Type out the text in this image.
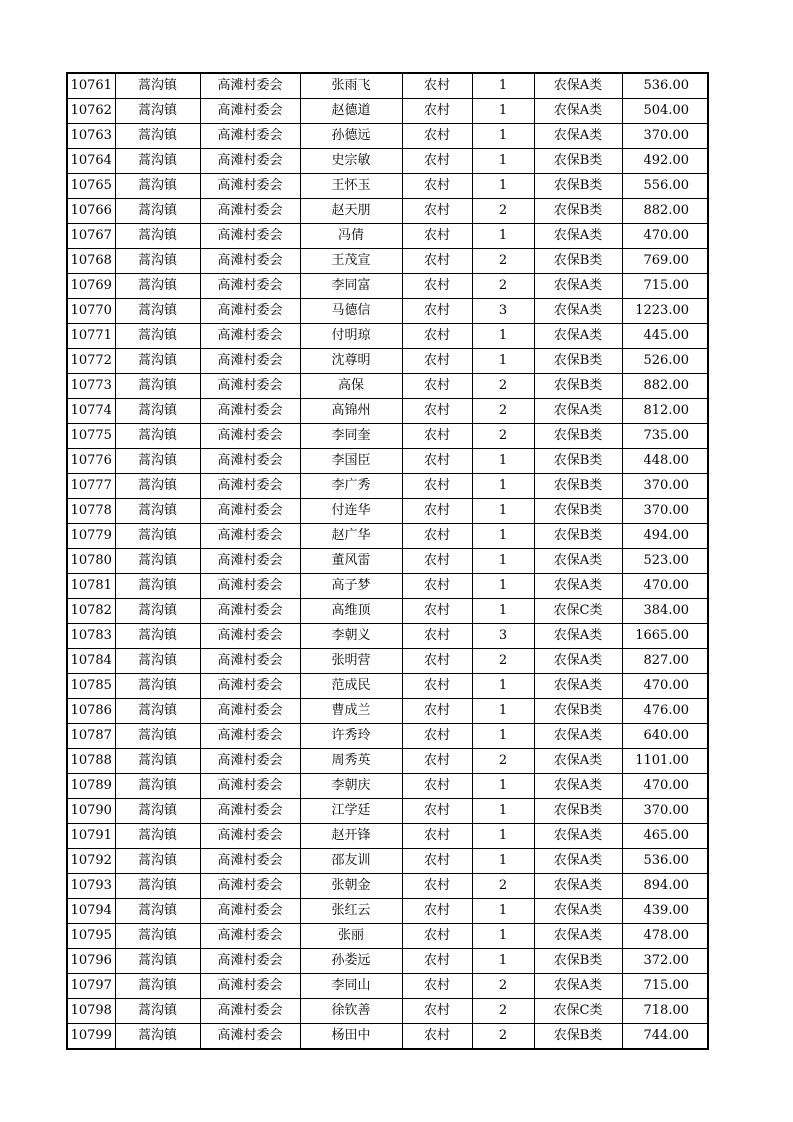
10761	蒿沟镇	高滩村委会	张雨飞	农村	1	农保A类	536.00
10762	蒿沟镇	高滩村委会	赵德道	农村	1	农保A类	504.00
10763	蒿沟镇	高滩村委会	孙德远	农村	1	农保A类	370.00
10764	蒿沟镇	高滩村委会	史宗敏	农村	1	农保B类	492.00
10765	蒿沟镇	高滩村委会	王怀玉	农村	1	农保B类	556.00
10766	蒿沟镇	高滩村委会	赵天朋	农村	2	农保B类	882.00
10767	蒿沟镇	高滩村委会	冯倩	农村	1	农保A类	470.00
10768	蒿沟镇	高滩村委会	王茂宣	农村	2	农保B类	769.00
10769	蒿沟镇	高滩村委会	李同富	农村	2	农保A类	715.00
10770	蒿沟镇	高滩村委会	马德信	农村	3	农保A类	1223.00
10771	蒿沟镇	高滩村委会	付明琼	农村	1	农保A类	445.00
10772	蒿沟镇	高滩村委会	沈尊明	农村	1	农保B类	526.00
10773	蒿沟镇	高滩村委会	高保	农村	2	农保B类	882.00
10774	蒿沟镇	高滩村委会	高锦州	农村	2	农保A类	812.00
10775	蒿沟镇	高滩村委会	李同奎	农村	2	农保B类	735.00
10776	蒿沟镇	高滩村委会	李国臣	农村	1	农保B类	448.00
10777	蒿沟镇	高滩村委会	李广秀	农村	1	农保B类	370.00
10778	蒿沟镇	高滩村委会	付连华	农村	1	农保B类	370.00
10779	蒿沟镇	高滩村委会	赵广华	农村	1	农保B类	494.00
10780	蒿沟镇	高滩村委会	董风雷	农村	1	农保A类	523.00
10781	蒿沟镇	高滩村委会	高子梦	农村	1	农保A类	470.00
10782	蒿沟镇	高滩村委会	高维顶	农村	1	农保C类	384.00
10783	蒿沟镇	高滩村委会	李朝义	农村	3	农保A类	1665.00
10784	蒿沟镇	高滩村委会	张明营	农村	2	农保A类	827.00
10785	蒿沟镇	高滩村委会	范成民	农村	1	农保A类	470.00
10786	蒿沟镇	高滩村委会	曹成兰	农村	1	农保B类	476.00
10787	蒿沟镇	高滩村委会	许秀玲	农村	1	农保A类	640.00
10788	蒿沟镇	高滩村委会	周秀英	农村	2	农保A类	1101.00
10789	蒿沟镇	高滩村委会	李朝庆	农村	1	农保A类	470.00
10790	蒿沟镇	高滩村委会	江学廷	农村	1	农保B类	370.00
10791	蒿沟镇	高滩村委会	赵开锋	农村	1	农保A类	465.00
10792	蒿沟镇	高滩村委会	邵友训	农村	1	农保A类	536.00
10793	蒿沟镇	高滩村委会	张朝金	农村	2	农保A类	894.00
10794	蒿沟镇	高滩村委会	张红云	农村	1	农保A类	439.00
10795	蒿沟镇	高滩村委会	张丽	农村	1	农保A类	478.00
10796	蒿沟镇	高滩村委会	孙娄远	农村	1	农保B类	372.00
10797	蒿沟镇	高滩村委会	李同山	农村	2	农保A类	715.00
10798	蒿沟镇	高滩村委会	徐钦善	农村	2	农保C类	718.00
10799	蒿沟镇	高滩村委会	杨田中	农村	2	农保B类	744.00
